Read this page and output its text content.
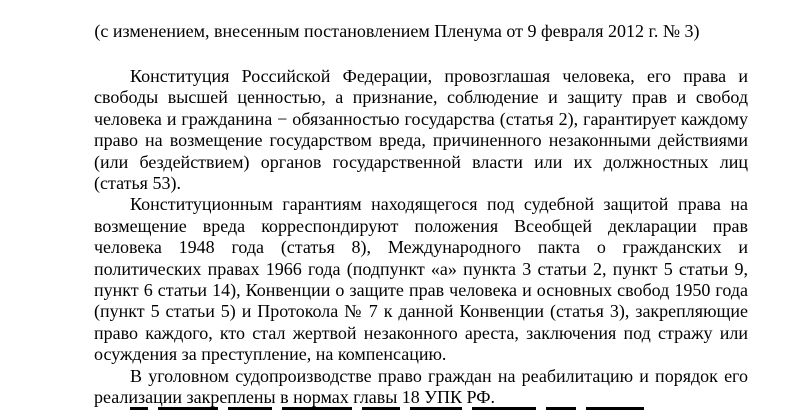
(с изменением, внесенным постановлением Пленума от 9 февраля 2012 г. № 3)

Конституция Российской Федерации, провозглашая человека, его права и свободы высшей ценностью, а признание, соблюдение и защиту прав и свобод человека и гражданина − обязанностью государства (статья 2), гарантирует каждому право на возмещение государством вреда, причиненного незаконными действиями (или бездействием) органов государственной власти или их должностных лиц (статья 53).

Конституционным гарантиям находящегося под судебной защитой права на возмещение вреда корреспондируют положения Всеобщей декларации прав человека 1948 года (статья 8), Международного пакта о гражданских и политических правах 1966 года (подпункт «а» пункта 3 статьи 2, пункт 5 статьи 9, пункт 6 статьи 14), Конвенции о защите прав человека и основных свобод 1950 года (пункт 5 статьи 5) и Протокола № 7 к данной Конвенции (статья 3), закрепляющие право каждого, кто стал жертвой незаконного ареста, заключения под стражу или осуждения за преступление, на компенсацию.

В уголовном судопроизводстве право граждан на реабилитацию и порядок его реализации закреплены в нормах главы 18 УПК РФ.
